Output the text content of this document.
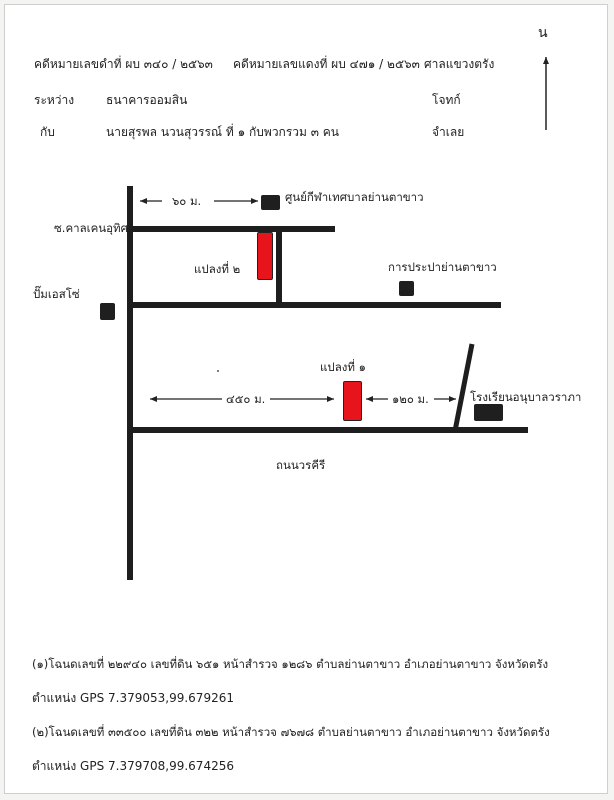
คดีหมายเลขดำที่ ผบ ๓๔๐ / ๒๕๖๓ คดีหมายเลขแดงที่ ผบ ๔๗๑ / ๒๕๖๓ ศาลแขวงตรัง
ระหว่าง	ธนาคารออมสิน	โจทก์
กับ	นายสุรพล นวนสุวรรณ์ ที่ ๑ กับพวกรวม ๓ คน	จำเลย
น
ศูนย์กีฬาเทศบาลย่านตาขาว
๖๐ ม.
ซ.คาลเคนอุทิศ
แปลงที่ ๒	การประปาย่านตาขาว
ปั๊มเอสโซ่
แปลงที่ ๑
๔๕๐ ม.	๑๒๐ ม.	โรงเรียนอนุบาลวราภา
ถนนวรคีรี
(๑)โฉนดเลขที่ ๒๒๙๔๐ เลขที่ดิน ๖๕๑ หน้าสำรวจ ๑๒๘๖ ตำบลย่านตาขาว อำเภอย่านตาขาว จังหวัดตรัง
ตำแหน่ง GPS 7.379053,99.679261
(๒)โฉนดเลขที่ ๓๓๕๐๐ เลขที่ดิน ๓๒๒ หน้าสำรวจ ๗๖๗๘ ตำบลย่านตาขาว อำเภอย่านตาขาว จังหวัดตรัง
ตำแหน่ง GPS 7.379708,99.674256
